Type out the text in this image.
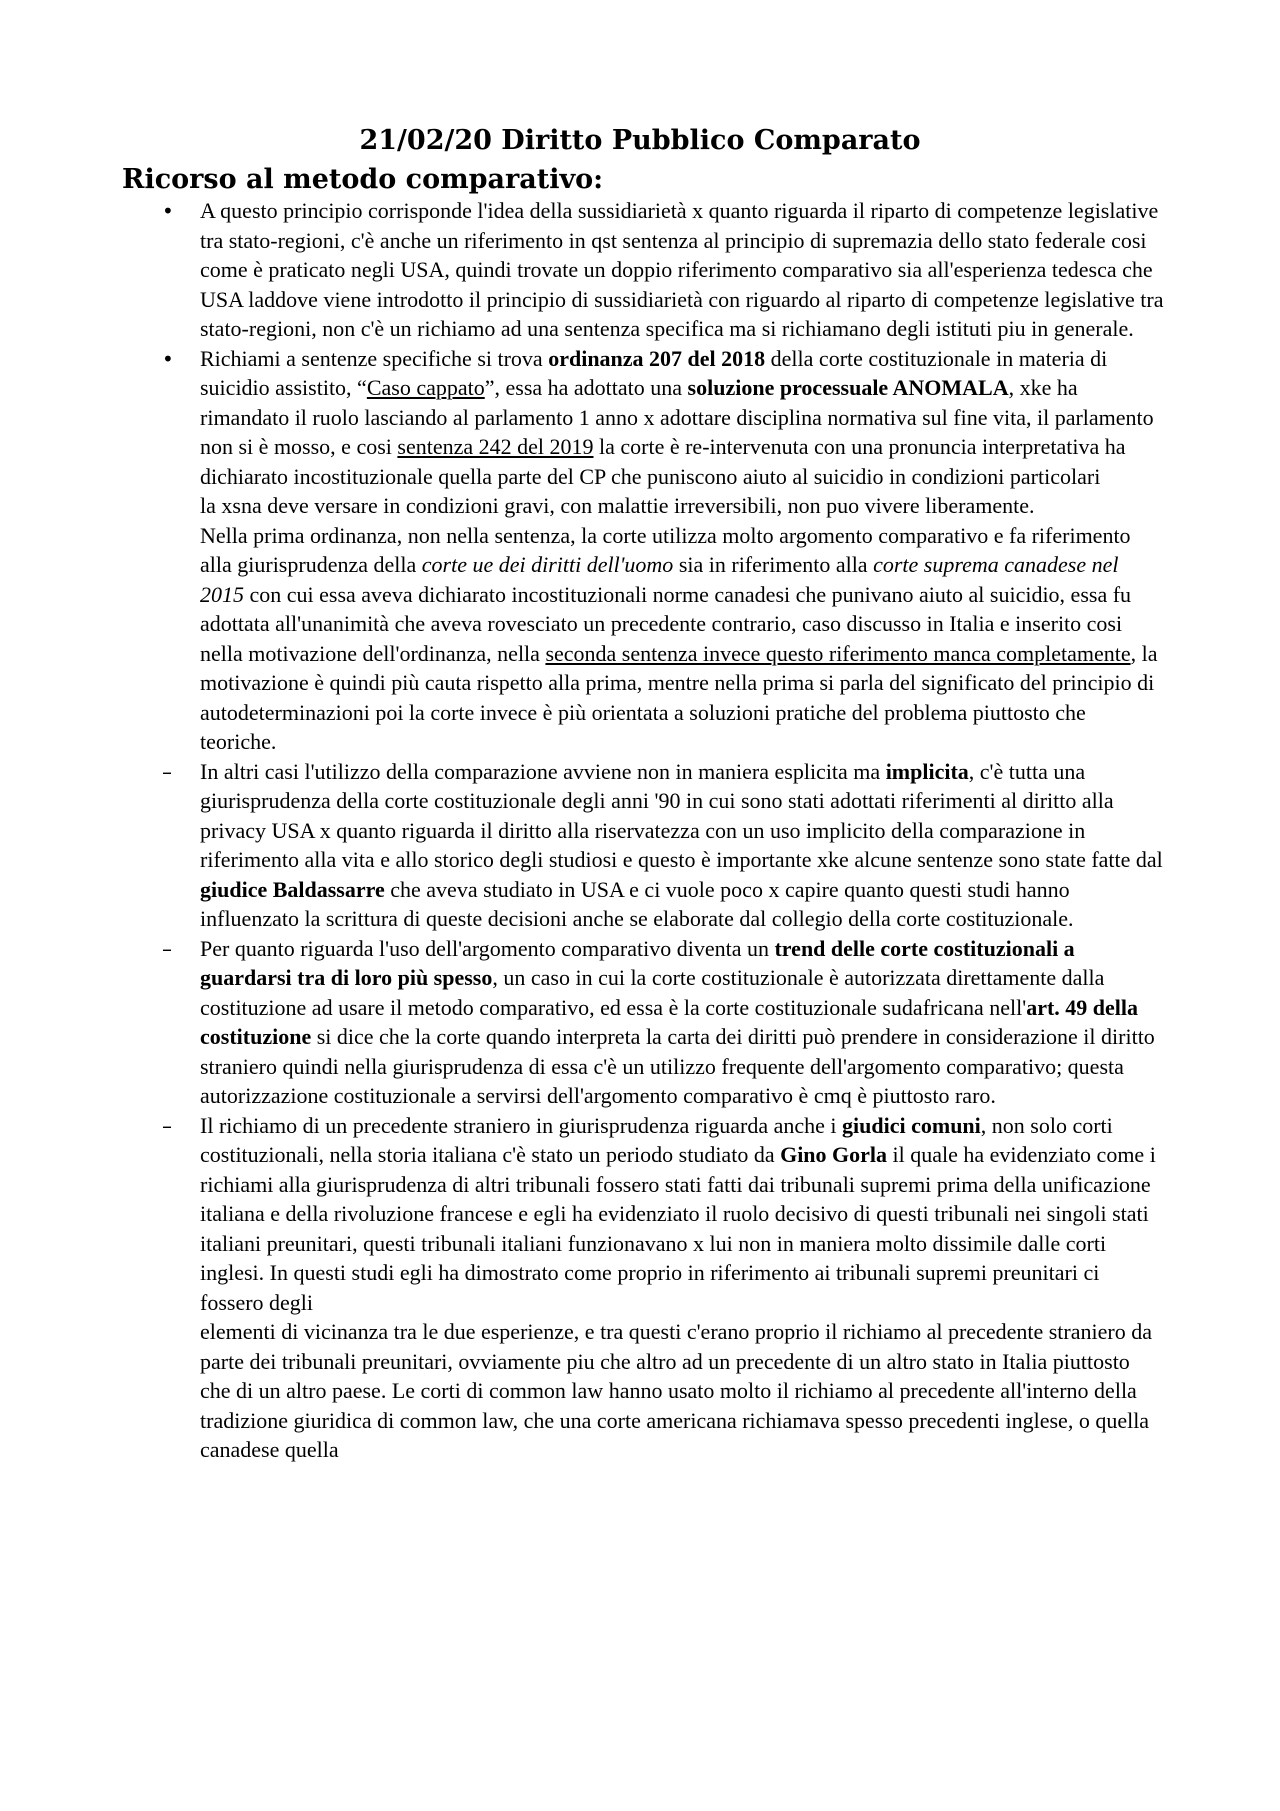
21/02/20 Diritto Pubblico Comparato
Ricorso al metodo comparativo:
•	A questo principio corrisponde l'idea della sussidiarietà x quanto riguarda il riparto di competenze legislative tra stato-regioni, c'è anche un riferimento in qst sentenza al principio di supremazia dello stato federale cosi come è praticato negli USA, quindi trovate un doppio riferimento comparativo sia all'esperienza tedesca che USA laddove viene introdotto il principio di sussidiarietà con riguardo al riparto di competenze legislative tra stato-regioni, non c'è un richiamo ad una sentenza specifica ma si richiamano degli istituti piu in generale.

•	Richiami a sentenze specifiche si trova ordinanza 207 del 2018 della corte costituzionale in materia di suicidio assistito, “Caso cappato”, essa ha adottato una soluzione processuale ANOMALA, xke ha rimandato il ruolo lasciando al parlamento 1 anno x adottare disciplina normativa sul fine vita, il parlamento non si è mosso, e cosi sentenza 242 del 2019 la corte è re-intervenuta con una pronuncia interpretativa ha dichiarato incostituzionale quella parte del CP che puniscono aiuto al suicidio in condizioni particolari

la xsna deve versare in condizioni gravi, con malattie irreversibili, non puo vivere liberamente.

Nella prima ordinanza, non nella sentenza, la corte utilizza molto argomento comparativo e fa riferimento alla giurisprudenza della corte ue dei diritti dell'uomo sia in riferimento alla corte suprema canadese nel 2015 con cui essa aveva dichiarato incostituzionali norme canadesi che punivano aiuto al suicidio, essa fu adottata all'unanimità che aveva rovesciato un precedente contrario, caso discusso in Italia e inserito cosi nella motivazione dell'ordinanza, nella seconda sentenza invece questo riferimento manca completamente, la motivazione è quindi più cauta rispetto alla prima, mentre nella prima si parla del significato del principio di autodeterminazioni poi la corte invece è più orientata a soluzioni pratiche del problema piuttosto che teoriche.

–	In altri casi l'utilizzo della comparazione avviene non in maniera esplicita ma implicita, c'è tutta una giurisprudenza della corte costituzionale degli anni '90 in cui sono stati adottati riferimenti al diritto alla privacy USA x quanto riguarda il diritto alla riservatezza con un uso implicito della comparazione in riferimento alla vita e allo storico degli studiosi e questo è importante xke alcune sentenze sono state fatte dal giudice Baldassarre che aveva studiato in USA e ci vuole poco x capire quanto questi studi hanno influenzato la scrittura di queste decisioni anche se elaborate dal collegio della corte costituzionale.

–	Per quanto riguarda l'uso dell'argomento comparativo diventa un trend delle corte costituzionali a guardarsi tra di loro più spesso, un caso in cui la corte costituzionale è autorizzata direttamente dalla costituzione ad usare il metodo comparativo, ed essa è la corte costituzionale sudafricana nell'art. 49 della costituzione si dice che la corte quando interpreta la carta dei diritti può prendere in considerazione il diritto straniero quindi nella giurisprudenza di essa c'è un utilizzo frequente dell'argomento comparativo; questa autorizzazione costituzionale a servirsi dell'argomento comparativo è cmq è piuttosto raro.

–	Il richiamo di un precedente straniero in giurisprudenza riguarda anche i giudici comuni, non solo corti costituzionali, nella storia italiana c'è stato un periodo studiato da Gino Gorla il quale ha evidenziato come i richiami alla giurisprudenza di altri tribunali fossero stati fatti dai tribunali supremi prima della unificazione italiana e della rivoluzione francese e egli ha evidenziato il ruolo decisivo di questi tribunali nei singoli stati italiani preunitari, questi tribunali italiani funzionavano x lui non in maniera molto dissimile dalle corti inglesi. In questi studi egli ha dimostrato come proprio in riferimento ai tribunali supremi preunitari ci fossero degli

elementi di vicinanza tra le due esperienze, e tra questi c'erano proprio il richiamo al precedente straniero da parte dei tribunali preunitari, ovviamente piu che altro ad un precedente di un altro stato in Italia piuttosto che di un altro paese. Le corti di common law hanno usato molto il richiamo al precedente all'interno della tradizione giuridica di common law, che una corte americana richiamava spesso precedenti inglese, o quella canadese quella
